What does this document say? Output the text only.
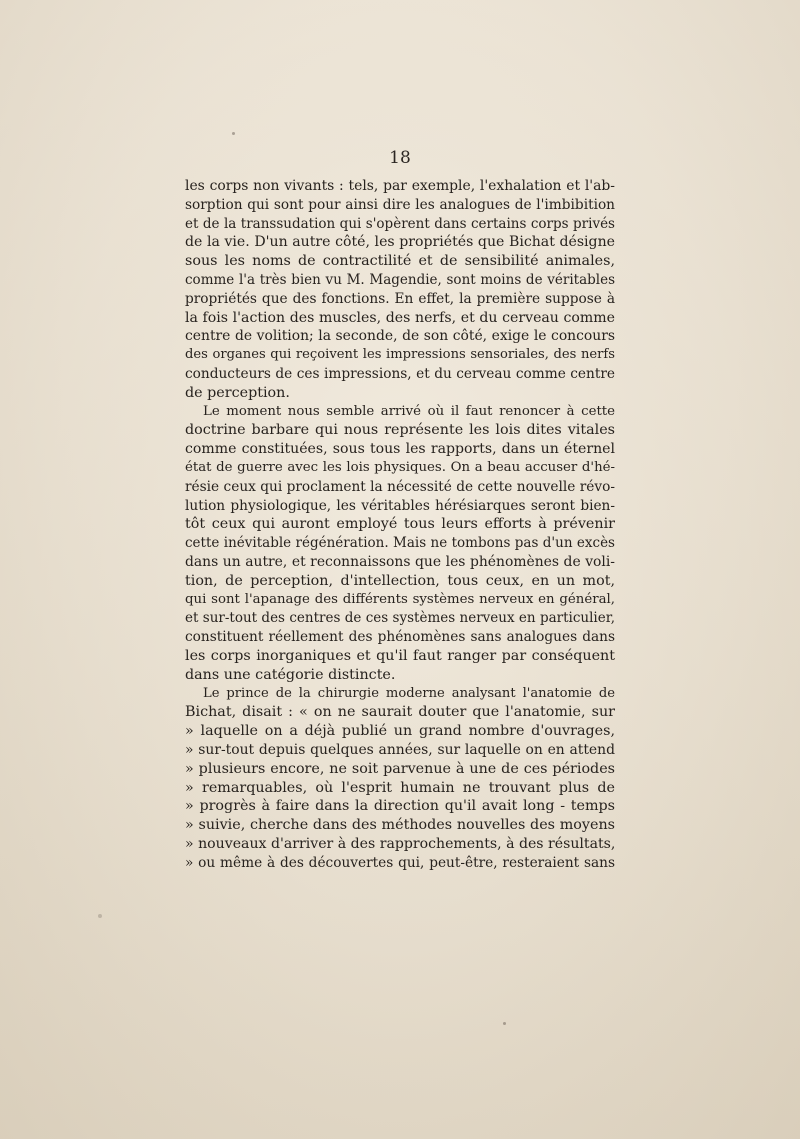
18

les corps non vivants : tels, par exemple, l'exhalation et l'ab-
sorption qui sont pour ainsi dire les analogues de l'imbibition
et de la transsudation qui s'opèrent dans certains corps privés
de la vie. D'un autre côté, les propriétés que Bichat désigne
sous les noms de contractilité et de sensibilité animales,
comme l'a très bien vu M. Magendie, sont moins de véritables
propriétés que des fonctions. En effet, la première suppose à
la fois l'action des muscles, des nerfs, et du cerveau comme
centre de volition; la seconde, de son côté, exige le concours
des organes qui reçoivent les impressions sensoriales, des nerfs
conducteurs de ces impressions, et du cerveau comme centre
de perception.
Le moment nous semble arrivé où il faut renoncer à cette
doctrine barbare qui nous représente les lois dites vitales
comme constituées, sous tous les rapports, dans un éternel
état de guerre avec les lois physiques. On a beau accuser d'hé-
résie ceux qui proclament la nécessité de cette nouvelle révo-
lution physiologique, les véritables hérésiarques seront bien-
tôt ceux qui auront employé tous leurs efforts à prévenir
cette inévitable régénération. Mais ne tombons pas d'un excès
dans un autre, et reconnaissons que les phénomènes de voli-
tion, de perception, d'intellection, tous ceux, en un mot,
qui sont l'apanage des différents systèmes nerveux en général,
et sur-tout des centres de ces systèmes nerveux en particulier,
constituent réellement des phénomènes sans analogues dans
les corps inorganiques et qu'il faut ranger par conséquent
dans une catégorie distincte.
Le prince de la chirurgie moderne analysant l'anatomie de
Bichat, disait : « on ne saurait douter que l'anatomie, sur
» laquelle on a déjà publié un grand nombre d'ouvrages,
» sur-tout depuis quelques années, sur laquelle on en attend
» plusieurs encore, ne soit parvenue à une de ces périodes
» remarquables, où l'esprit humain ne trouvant plus de
» progrès à faire dans la direction qu'il avait long - temps
» suivie, cherche dans des méthodes nouvelles des moyens
» nouveaux d'arriver à des rapprochements, à des résultats,
» ou même à des découvertes qui, peut-être, resteraient sans
